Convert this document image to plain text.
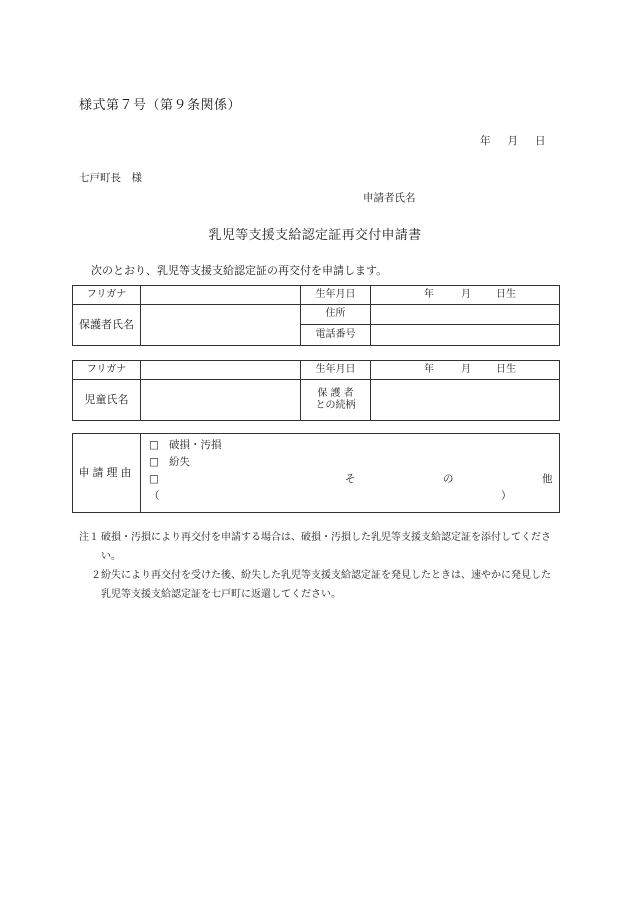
様式第７号（第９条関係）
年 月 日
七戸町長　様
申請者氏名
乳児等支援支給認定証再交付申請書
次のとおり、乳児等支援支給認定証の再交付を申請します。
フリガナ		生年月日	年 月 日生
保護者氏名		住所	
		電話番号	
フリガナ		生年月日	年 月 日生
児童氏名		保 護 者
との続柄	

申請理由	
□ 破損・汚損
□ 紛失
□	そ	の	他
（	）
注１ 破損・汚損により再交付を申請する場合は、破損・汚損した乳児等支援支給認定証を添付してください。
２ 紛失により再交付を受けた後、紛失した乳児等支援支給認定証を発見したときは、速やかに発見した乳児等支援支給認定証を七戸町に返還してください。
